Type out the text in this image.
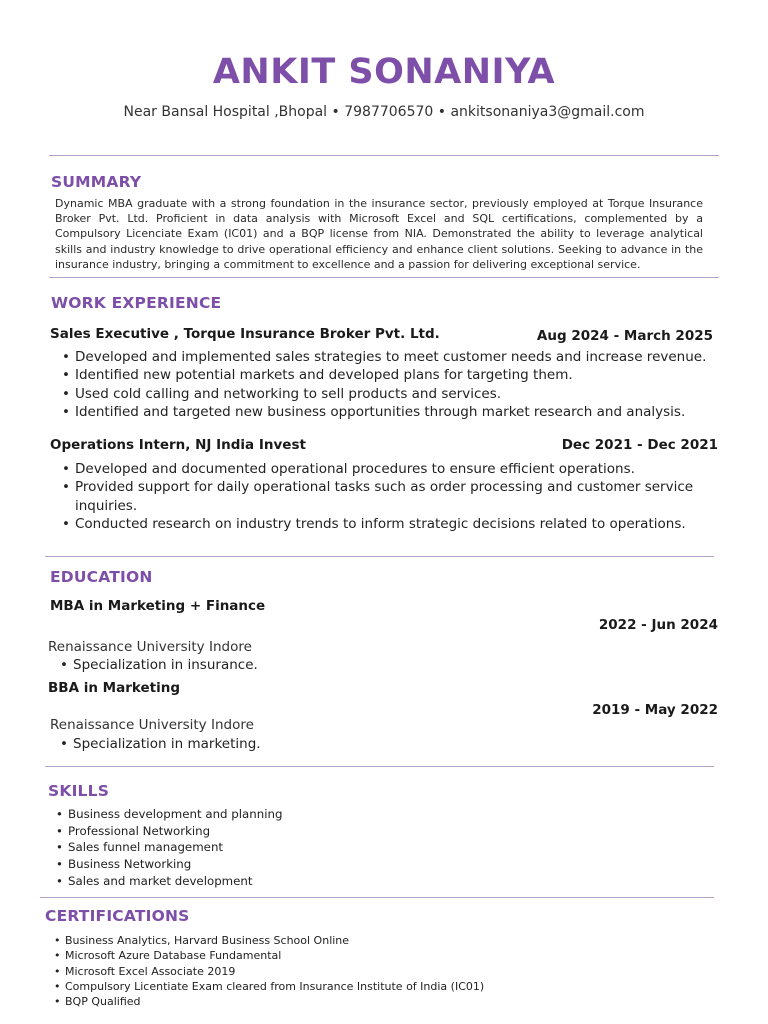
ANKIT SONANIYA
Near Bansal Hospital ,Bhopal • 7987706570 • ankitsonaniya3@gmail.com
SUMMARY
Dynamic MBA graduate with a strong foundation in the insurance sector, previously employed at Torque Insurance Broker Pvt. Ltd. Proficient in data analysis with Microsoft Excel and SQL certifications, complemented by a Compulsory Licenciate Exam (IC01) and a BQP license from NIA. Demonstrated the ability to leverage analytical skills and industry knowledge to drive operational efficiency and enhance client solutions. Seeking to advance in the insurance industry, bringing a commitment to excellence and a passion for delivering exceptional service.
WORK EXPERIENCE
Sales Executive , Torque Insurance Broker Pvt. Ltd.	Aug 2024 - March 2025
• Developed and implemented sales strategies to meet customer needs and increase revenue.
• Identified new potential markets and developed plans for targeting them.
• Used cold calling and networking to sell products and services.
• Identified and targeted new business opportunities through market research and analysis.
Operations Intern, NJ India Invest	Dec 2021 - Dec 2021
• Developed and documented operational procedures to ensure efficient operations.
• Provided support for daily operational tasks such as order processing and customer service inquiries.
• Conducted research on industry trends to inform strategic decisions related to operations.
EDUCATION
MBA in Marketing + Finance
2022 - Jun 2024
Renaissance University Indore
• Specialization in insurance.
BBA in Marketing
2019 - May 2022
Renaissance University Indore
• Specialization in marketing.
SKILLS
• Business development and planning
• Professional Networking
• Sales funnel management
• Business Networking
• Sales and market development
CERTIFICATIONS
• Business Analytics, Harvard Business School Online
• Microsoft Azure Database Fundamental
• Microsoft Excel Associate 2019
• Compulsory Licentiate Exam cleared from Insurance Institute of India (IC01)
• BQP Qualified
